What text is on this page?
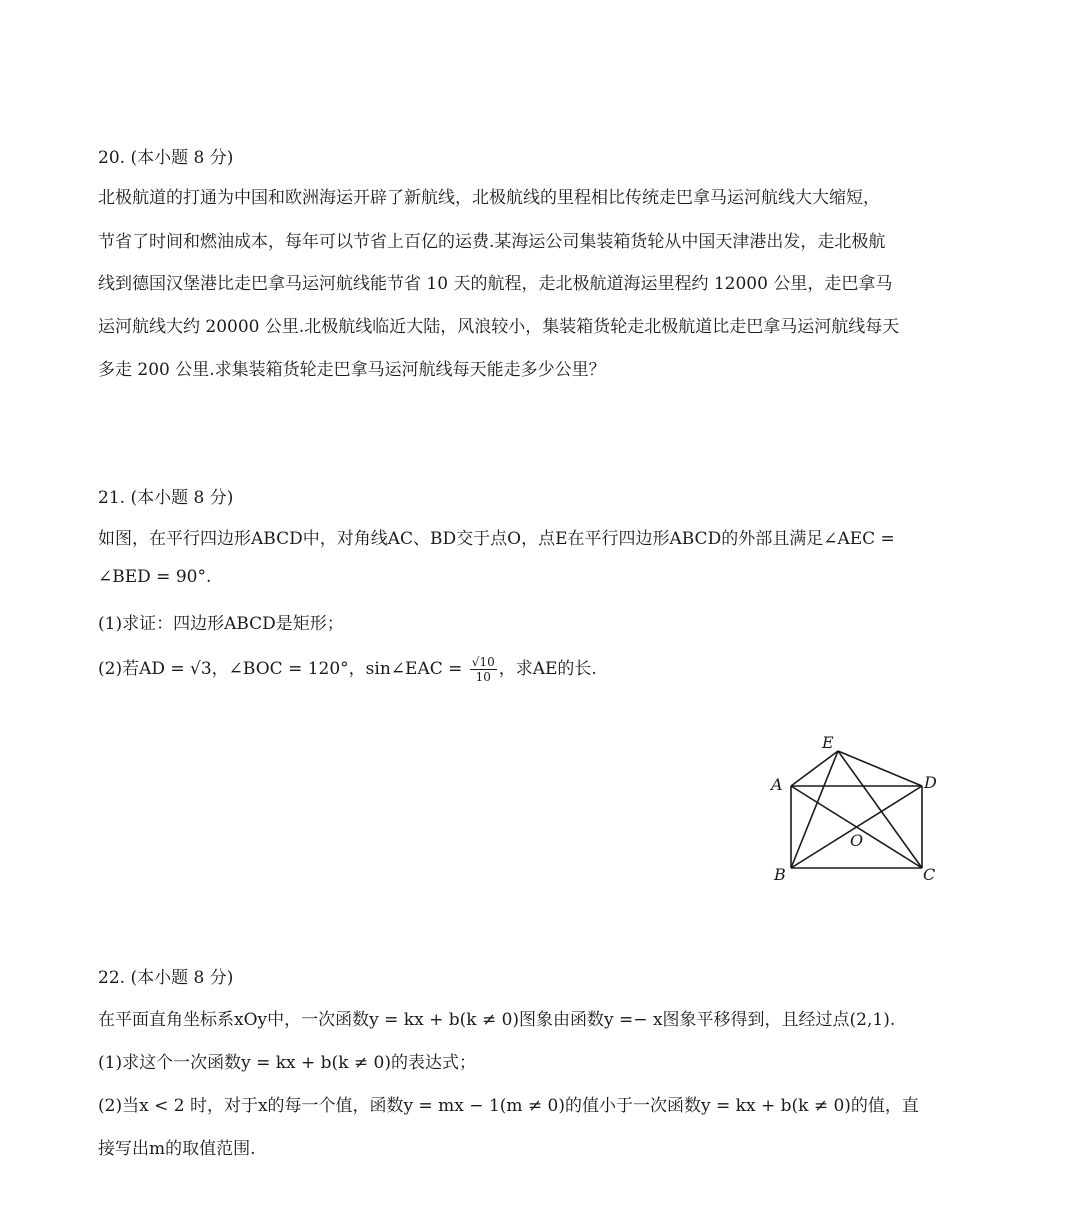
20. (本小题 8 分)
北极航道的打通为中国和欧洲海运开辟了新航线，北极航线的里程相比传统走巴拿马运河航线大大缩短，
节省了时间和燃油成本，每年可以节省上百亿的运费.某海运公司集装箱货轮从中国天津港出发，走北极航
线到德国汉堡港比走巴拿马运河航线能节省 10 天的航程，走北极航道海运里程约 12000 公里，走巴拿马
运河航线大约 20000 公里.北极航线临近大陆，风浪较小，集装箱货轮走北极航道比走巴拿马运河航线每天
多走 200 公里.求集装箱货轮走巴拿马运河航线每天能走多少公里？
21. (本小题 8 分)
如图，在平行四边形ABCD中，对角线AC、BD交于点O，点E在平行四边形ABCD的外部且满足∠AEC =
∠BED = 90°.
(1)求证：四边形ABCD是矩形；
(2)若AD = √3，∠BOC = 120°，sin∠EAC = $\frac{√10}{10}$ ，求AE的长.
E
A	D
O
B	C
22. (本小题 8 分)
在平面直角坐标系xOy中，一次函数y = kx + b(k ≠ 0)图象由函数y =− x图象平移得到，且经过点(2,1).
(1)求这个一次函数y = kx + b(k ≠ 0)的表达式；
(2)当x < 2 时，对于x的每一个值，函数y = mx − 1(m ≠ 0)的值小于一次函数y = kx + b(k ≠ 0)的值，直
接写出m的取值范围.
